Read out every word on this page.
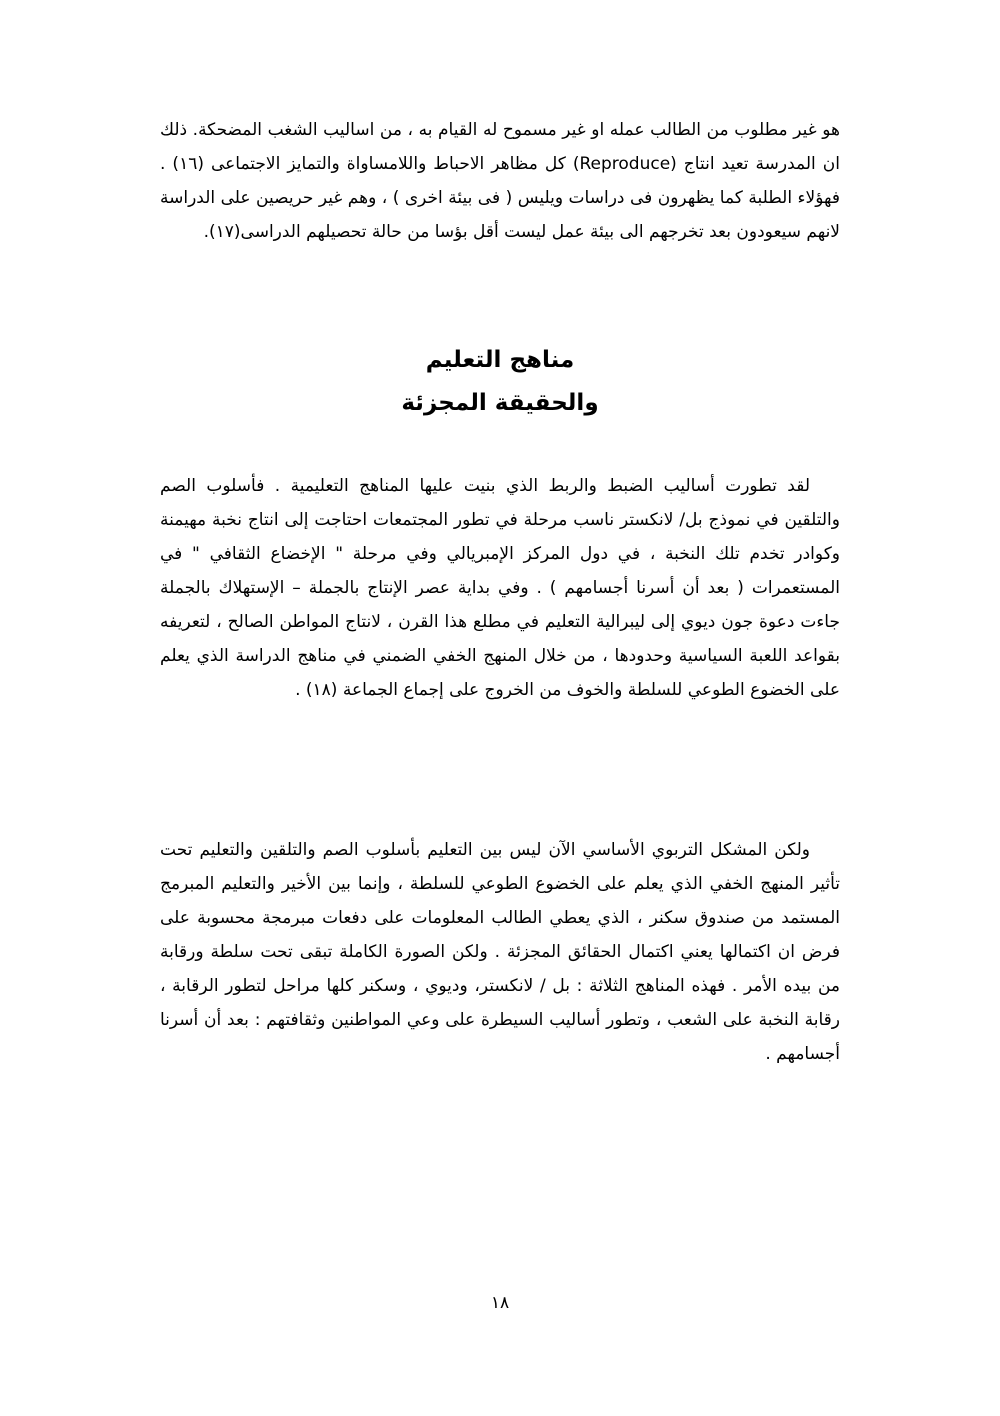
هو غير مطلوب من الطالب عمله او غير مسموح له القيام به ، من اساليب الشغب المضحكة. ذلك ان المدرسة تعيد انتاج (Reproduce) كل مظاهر الاحباط واللامساواة والتمايز الاجتماعى (١٦) . فهؤلاء الطلبة كما يظهرون فى دراسات ويليس ( فى بيئة اخرى ) ، وهم غير حريصين على الدراسة لانهم سيعودون بعد تخرجهم الى بيئة عمل ليست أقل بؤسا من حالة تحصيلهم الدراسى(١٧).

مناهج التعليم
والحقيقة المجزئة

لقد تطورت أساليب الضبط والربط الذي بنيت عليها المناهج التعليمية . فأسلوب الصم والتلقين في نموذج بل/ لانكستر ناسب مرحلة في تطور المجتمعات احتاجت إلى انتاج نخبة مهيمنة وكوادر تخدم تلك النخبة ، في دول المركز الإمبريالي وفي مرحلة " الإخضاع الثقافي " في المستعمرات ( بعد أن أسرنا أجسامهم ) . وفي بداية عصر الإنتاج بالجملة – الإستهلاك بالجملة جاءت دعوة جون ديوي إلى ليبرالية التعليم في مطلع هذا القرن ، لانتاج المواطن الصالح ، لتعريفه بقواعد اللعبة السياسية وحدودها ، من خلال المنهج الخفي الضمني في مناهج الدراسة الذي يعلم على الخضوع الطوعي للسلطة والخوف من الخروج على إجماع الجماعة (١٨) .

ولكن المشكل التربوي الأساسي الآن ليس بين التعليم بأسلوب الصم والتلقين والتعليم تحت تأثير المنهج الخفي الذي يعلم على الخضوع الطوعي للسلطة ، وإنما بين الأخير والتعليم المبرمج المستمد من صندوق سكنر ، الذي يعطي الطالب المعلومات على دفعات مبرمجة محسوبة على فرض ان اكتمالها يعني اكتمال الحقائق المجزئة . ولكن الصورة الكاملة تبقى تحت سلطة ورقابة من بيده الأمر . فهذه المناهج الثلاثة : بل / لانكستر، وديوي ، وسكنر كلها مراحل لتطور الرقابة ، رقابة النخبة على الشعب ، وتطور أساليب السيطرة على وعي المواطنين وثقافتهم : بعد أن أسرنا أجسامهم .

١٨
